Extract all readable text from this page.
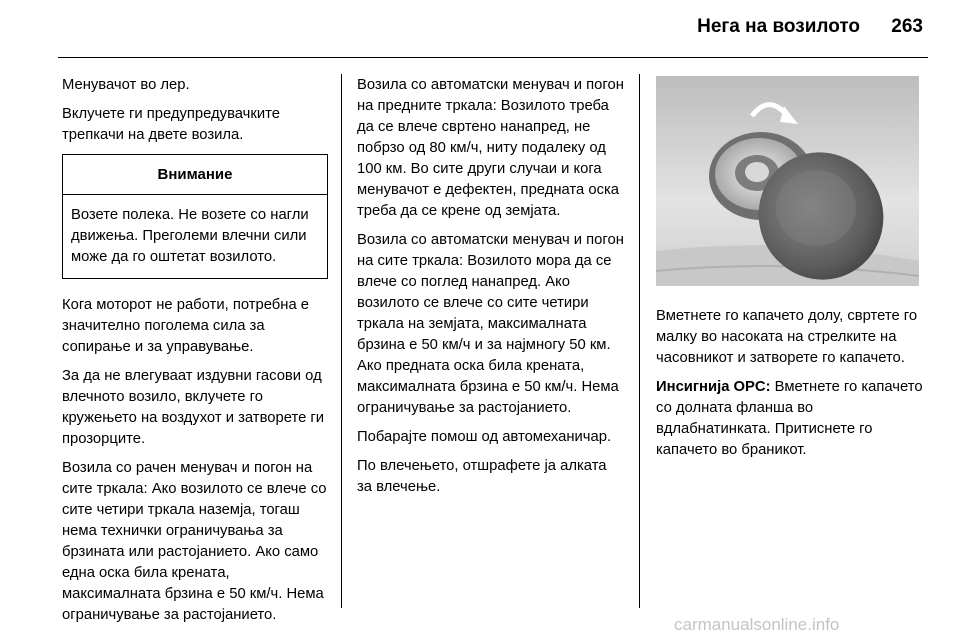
Нега на возилото	263

Менувачот во лер.

Вклучете ги предупредувачките трепкачи на двете возила.

Внимание
Возете полека. Не возете со нагли движења. Преголеми влечни сили може да го оштетат возилото.

Кога моторот не работи, потребна е значително поголема сила за сопирање и за управување.

За да не влегуваат издувни гасови од влечното возило, вклучете го кружењето на воздухот и затворете ги прозорците.

Возила со рачен менувач и погон на сите тркала: Ако возилото се влече со сите четири тркала наземја, тогаш нема технички ограничувања за брзината или растојанието. Ако само една оска била кренатa, максималната брзина е 50 км/ч. Нема ограничување за растојанието.

Возила со автоматски менувач и погон на предните тркала: Возилото треба да се влече свртено нанапред, не побрзо од 80 км/ч, ниту подалеку од 100 км. Во сите други случаи и кога менувачот е дефектен, предната оска треба да се крене од земјата.

Возила со автоматски менувач и погон на сите тркала: Возилото мора да се влече со поглед нанапред. Ако возилото се влече со сите четири тркала на земјата, максималната брзина е 50 км/ч и за најмногу 50 км. Ако предната оска била кренатa, максималната брзина е 50 км/ч. Нема ограничување за растојанието.

Побарајте помош од автомеханичар.

По влечењето, отшрафете ја алката за влечење.

Вметнете го капачето долу, свртете го малку во насоката на стрелките на часовникот и затворете го капачето.

Инсигнија OPC: Вметнете го капачето со долната фланша во вдлабнатинката. Притиснете го капачето во браникот.

carmanualsonline.info
